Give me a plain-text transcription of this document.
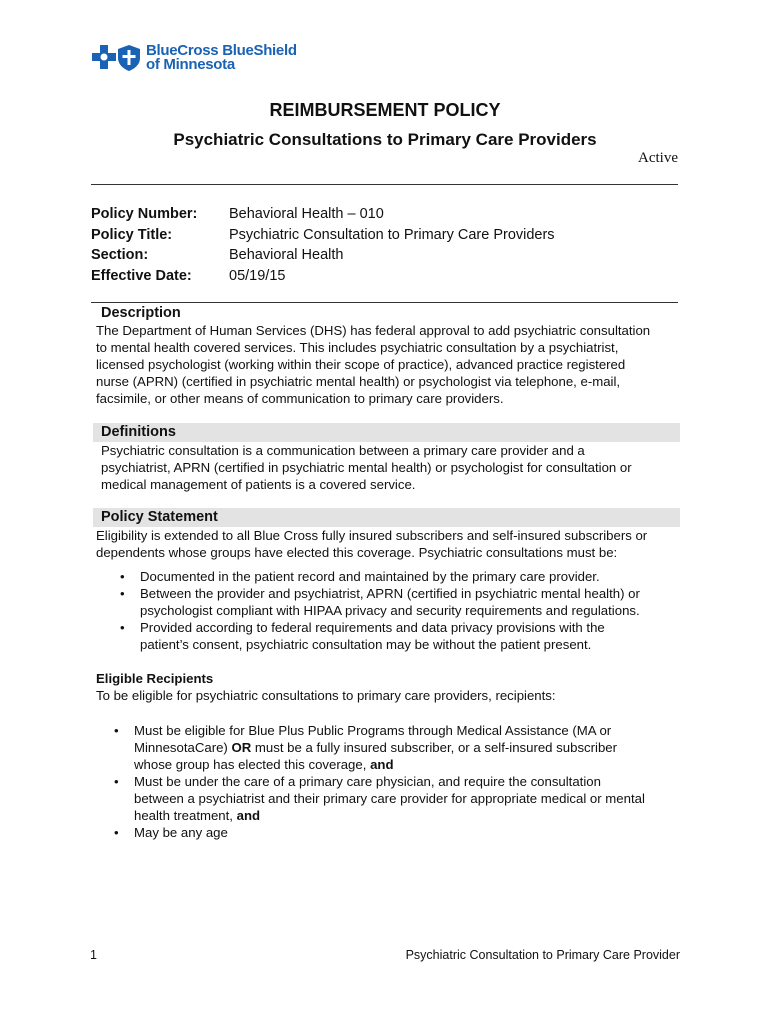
BlueCross BlueShield
of Minnesota
REIMBURSEMENT POLICY
Psychiatric Consultations to Primary Care Providers
Active
Policy Number:	Behavioral Health – 010
Policy Title:	Psychiatric Consultation to Primary Care Providers
Section:	Behavioral Health
Effective Date:	05/19/15
Description
The Department of Human Services (DHS) has federal approval to add psychiatric consultation
to mental health covered services. This includes psychiatric consultation by a psychiatrist,
licensed psychologist (working within their scope of practice), advanced practice registered
nurse (APRN) (certified in psychiatric mental health) or psychologist via telephone, e-mail,
facsimile, or other means of communication to primary care providers.
Definitions
Psychiatric consultation is a communication between a primary care provider and a
psychiatrist, APRN (certified in psychiatric mental health) or psychologist for consultation or
medical management of patients is a covered service.
Policy Statement
Eligibility is extended to all Blue Cross fully insured subscribers and self-insured subscribers or
dependents whose groups have elected this coverage. Psychiatric consultations must be:
• Documented in the patient record and maintained by the primary care provider.
• Between the provider and psychiatrist, APRN (certified in psychiatric mental health) or
psychologist compliant with HIPAA privacy and security requirements and regulations.
• Provided according to federal requirements and data privacy provisions with the
patient’s consent, psychiatric consultation may be without the patient present.
Eligible Recipients
To be eligible for psychiatric consultations to primary care providers, recipients:
• Must be eligible for Blue Plus Public Programs through Medical Assistance (MA or
MinnesotaCare) OR must be a fully insured subscriber, or a self-insured subscriber
whose group has elected this coverage, and
• Must be under the care of a primary care physician, and require the consultation
between a psychiatrist and their primary care provider for appropriate medical or mental
health treatment, and
• May be any age
1	Psychiatric Consultation to Primary Care Provider
